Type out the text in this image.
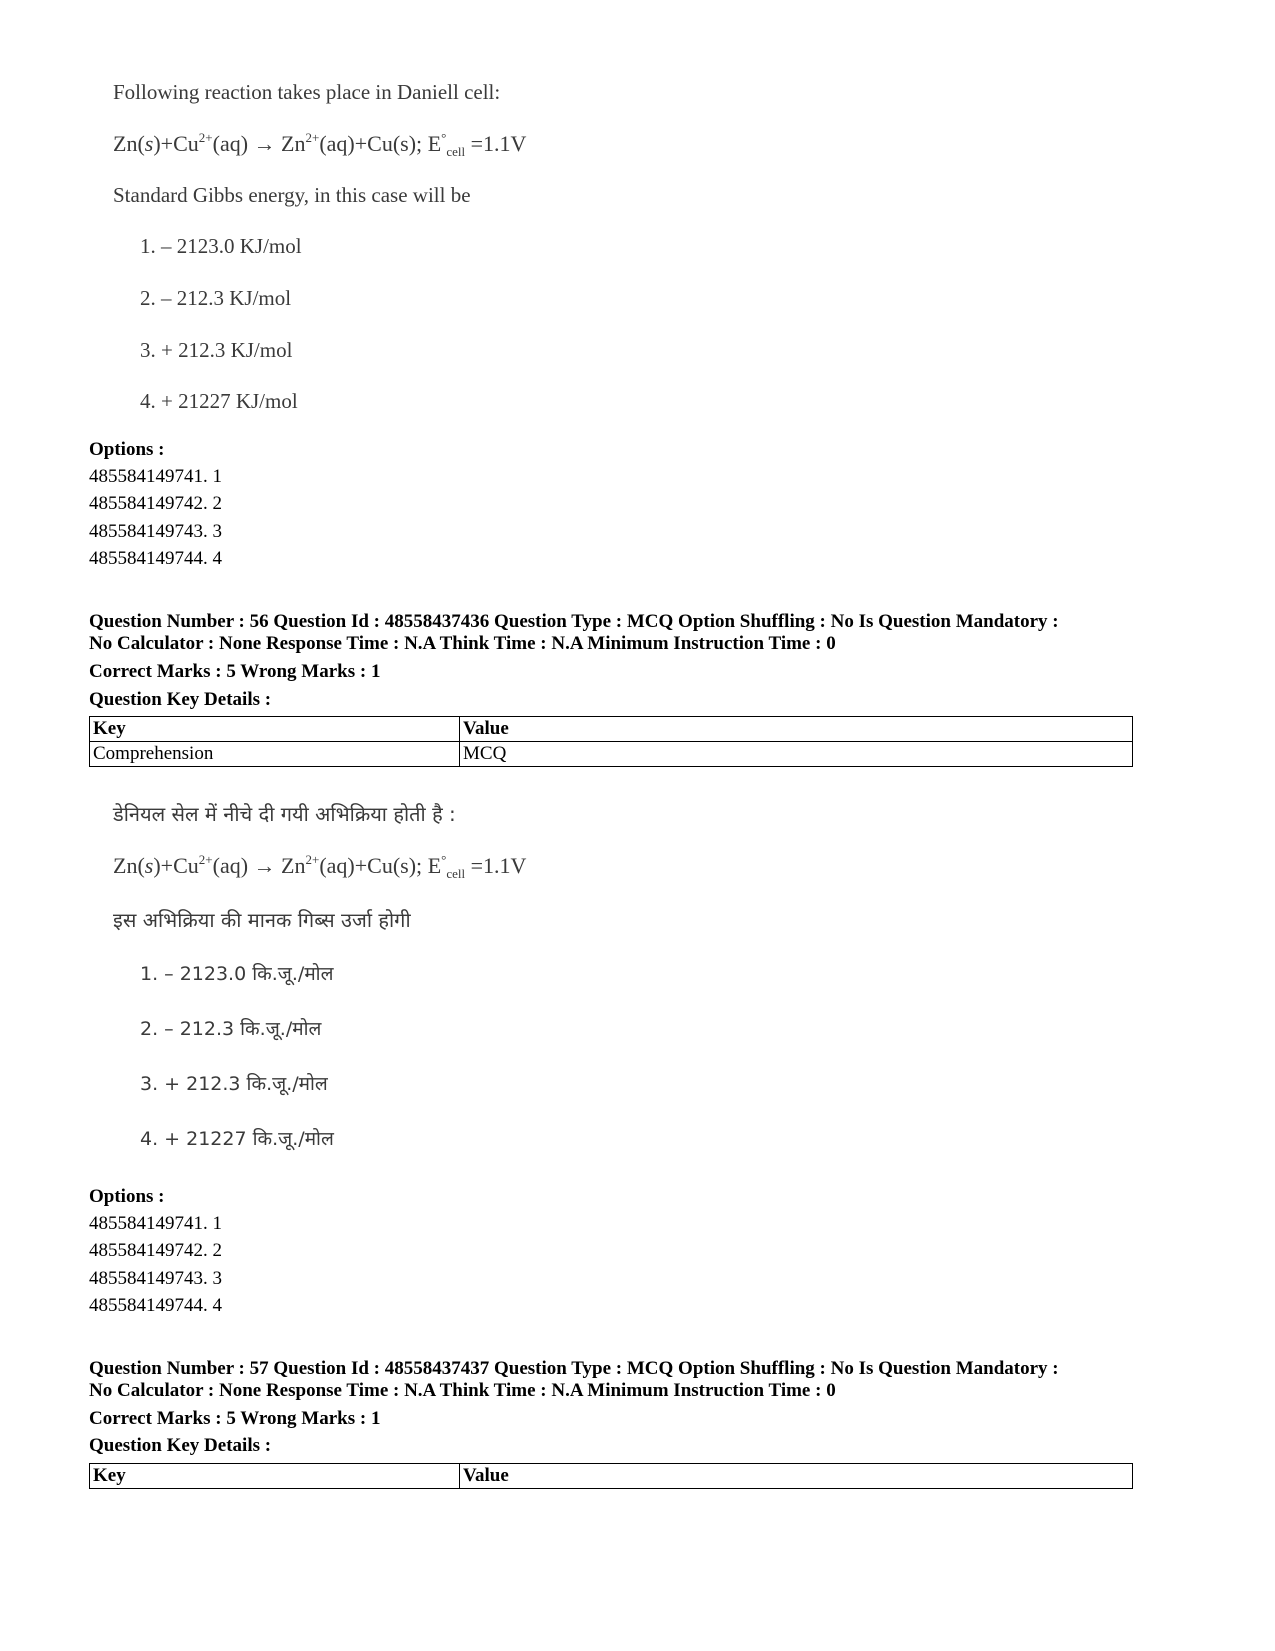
Following reaction takes place in Daniell cell:
$Zn(s)+Cu^{2+}(aq) \to Zn^{2+}(aq)+Cu(s)$; $E^\circ_{cell} =1.1V$
Standard Gibbs energy, in this case will be
1. – 2123.0 KJ/mol
2. – 212.3 KJ/mol
3. + 212.3 KJ/mol
4. + 21227 KJ/mol
Options :
485584149741. 1
485584149742. 2
485584149743. 3
485584149744. 4
Question Number : 56 Question Id : 48558437436 Question Type : MCQ Option Shuffling : No Is Question Mandatory :
No Calculator : None Response Time : N.A Think Time : N.A Minimum Instruction Time : 0
Correct Marks : 5 Wrong Marks : 1
Question Key Details :
Key	Value
Comprehension	MCQ
डेनियल सेल में नीचे दी गयी अभिक्रिया होती है :
$Zn(s)+Cu^{2+}(aq) \to Zn^{2+}(aq)+Cu(s)$; $E^\circ_{cell} =1.1V$
इस अभिक्रिया की मानक गिब्स उर्जा होगी
1. – 2123.0 कि.जू./मोल
2. – 212.3 कि.जू./मोल
3. + 212.3 कि.जू./मोल
4. + 21227 कि.जू./मोल
Options :
485584149741. 1
485584149742. 2
485584149743. 3
485584149744. 4
Question Number : 57 Question Id : 48558437437 Question Type : MCQ Option Shuffling : No Is Question Mandatory :
No Calculator : None Response Time : N.A Think Time : N.A Minimum Instruction Time : 0
Correct Marks : 5 Wrong Marks : 1
Question Key Details :
Key	Value
